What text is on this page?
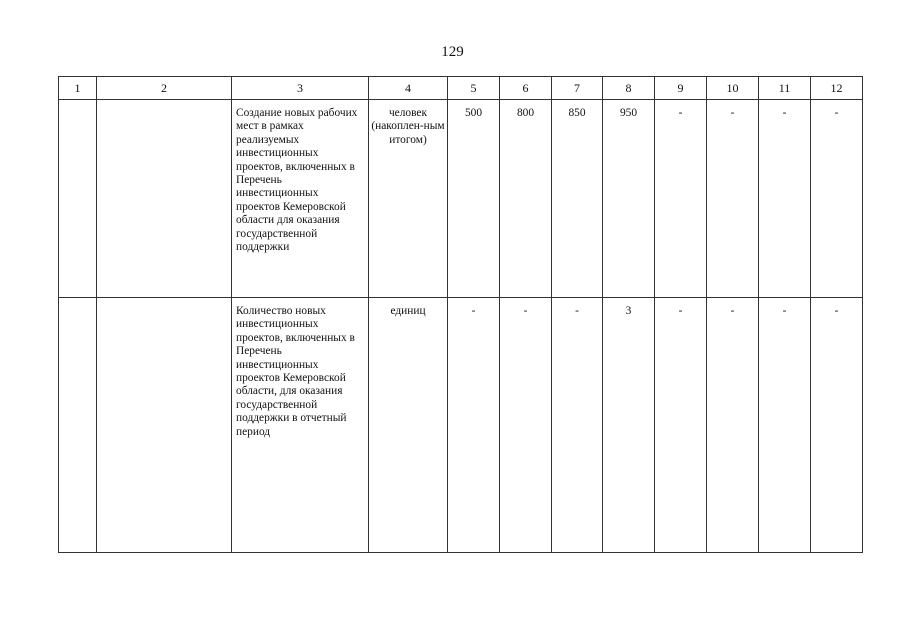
129
1	2	3	4	5	6	7	8	9	10	11	12
		Создание новых рабочих мест в рамках реализуемых инвестиционных проектов, включенных в Перечень инвестиционных проектов Кемеровской области для оказания государственной поддержки	человек (накоплен-ным итогом)	500	800	850	950	-	-	-	-
		Количество новых инвестиционных проектов, включенных в Перечень инвестиционных проектов Кемеровской области, для оказания государственной поддержки в отчетный период	единиц	-	-	-	3	-	-	-	-
